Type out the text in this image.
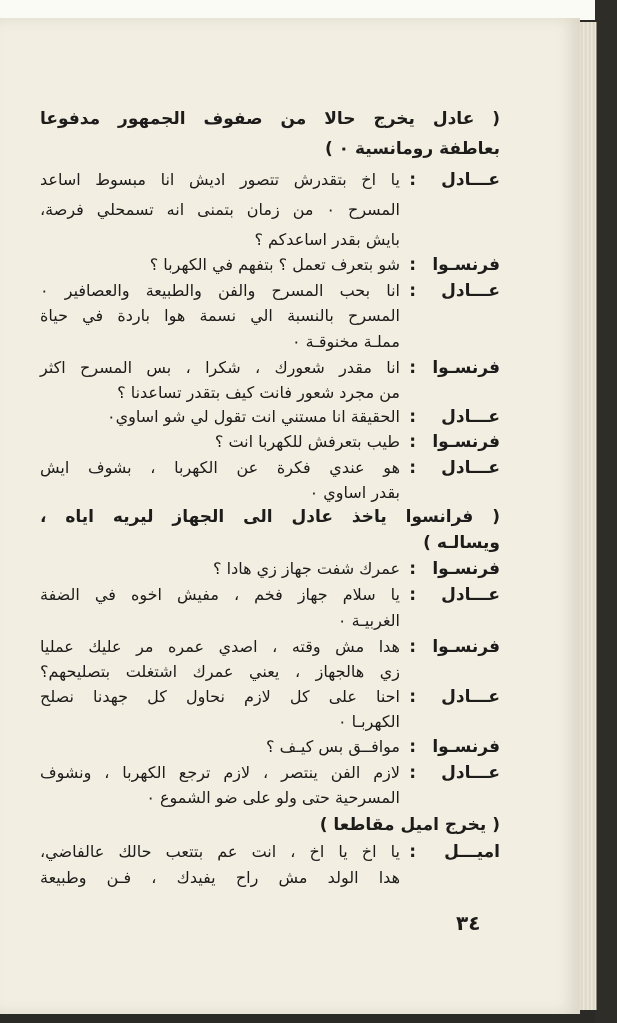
( عادل يخرج حالا من صفوف الجمهور مدفوعا
بعاطفة رومانسية ٠ )
عـــادل
:
يا اخ بتقدرش تتصور اديش انا مبسوط اساعد
المسرح ٠ من زمان بتمنى انه تسمحلي فرصة،
بايش بقدر اساعدكم ؟
فرنسـوا
:
شو بتعرف تعمل ؟ بتفهم في الكهربا ؟
عـــادل
:
انا بحب المسرح والفن والطبيعة والعصافير ٠
المسرح بالنسبة الي نسمة هوا باردة في حياة
مملـة مخنوقـة ٠
فرنسـوا
:
انا مقدر شعورك ، شكرا ، بس المسرح اكثر
من مجرد شعور فانت كيف بتقدر تساعدنا ؟
عـــادل
:
الحقيقة انا مستني انت تقول لي شو اساوي٠
فرنسـوا
:
طيب بتعرفش للكهربا انت ؟
عـــادل
:
هو عندي فكرة عن الكهربا ، بشوف ايش
بقدر اساوي ٠
( فرانسوا ياخذ عادل الى الجهاز ليريه اياه ،
ويسالـه )
فرنسـوا
:
عمرك شفت جهاز زي هادا ؟
عـــادل
:
يا سلام جهاز فخم ، مفيش اخوه في الضفة
الغربيـة ٠
فرنسـوا
:
هدا مش وقته ، اصدي عمره مر عليك عمليا
زي هالجهاز ، يعني عمرك اشتغلت بتصليحهم؟
عـــادل
:
احنا على كل لازم نحاول كل جهدنا نصلح
الكهربـا ٠
فرنسـوا
:
موافــق بس كيـف ؟
عـــادل
:
لازم الفن ينتصر ، لازم ترجع الكهربا ، ونشوف
المسرحية حتى ولو على ضو الشموع ٠
( يخرج اميل مقاطعا )
اميـــل
:
يا اخ يا اخ ، انت عم بتتعب حالك عالفاضي،
هدا الولد مش راح يفيدك ، فـن وطبيعة
٣٤
